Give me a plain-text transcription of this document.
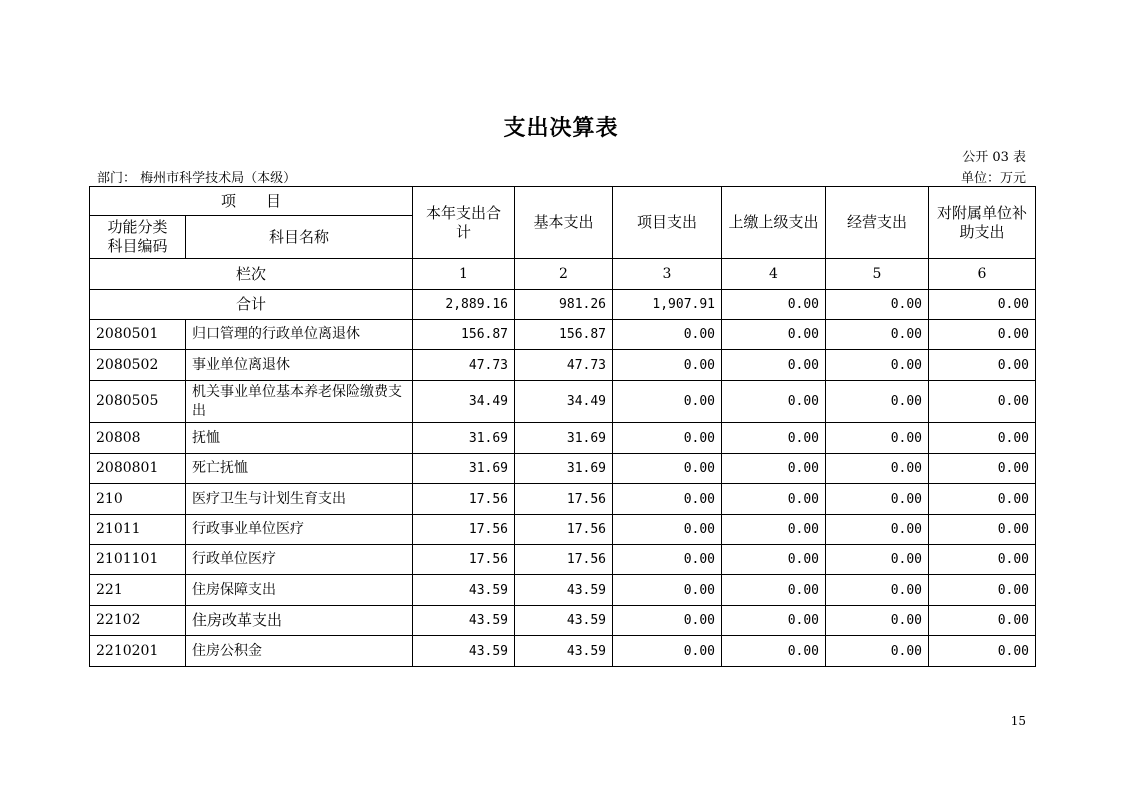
支出决算表
公开 03 表
部门： 梅州市科学技术局（本级）	单位：万元
项　　目		本年支出合计	基本支出	项目支出	上缴上级支出	经营支出	对附属单位补助支出
功能分类
科目编码	科目名称						
栏次		1	2	3	4	5	6
合计		2,889.16	981.26	1,907.91	0.00	0.00	0.00
2080501	归口管理的行政单位离退休	156.87	156.87	0.00	0.00	0.00	0.00
2080502	事业单位离退休	47.73	47.73	0.00	0.00	0.00	0.00
2080505	机关事业单位基本养老保险缴费支出	34.49	34.49	0.00	0.00	0.00	0.00
20808	抚恤	31.69	31.69	0.00	0.00	0.00	0.00
2080801	死亡抚恤	31.69	31.69	0.00	0.00	0.00	0.00
210	医疗卫生与计划生育支出	17.56	17.56	0.00	0.00	0.00	0.00
21011	行政事业单位医疗	17.56	17.56	0.00	0.00	0.00	0.00
2101101	行政单位医疗	17.56	17.56	0.00	0.00	0.00	0.00
221	住房保障支出	43.59	43.59	0.00	0.00	0.00	0.00
22102	住房改革支出	43.59	43.59	0.00	0.00	0.00	0.00
2210201	住房公积金	43.59	43.59	0.00	0.00	0.00	0.00
15
